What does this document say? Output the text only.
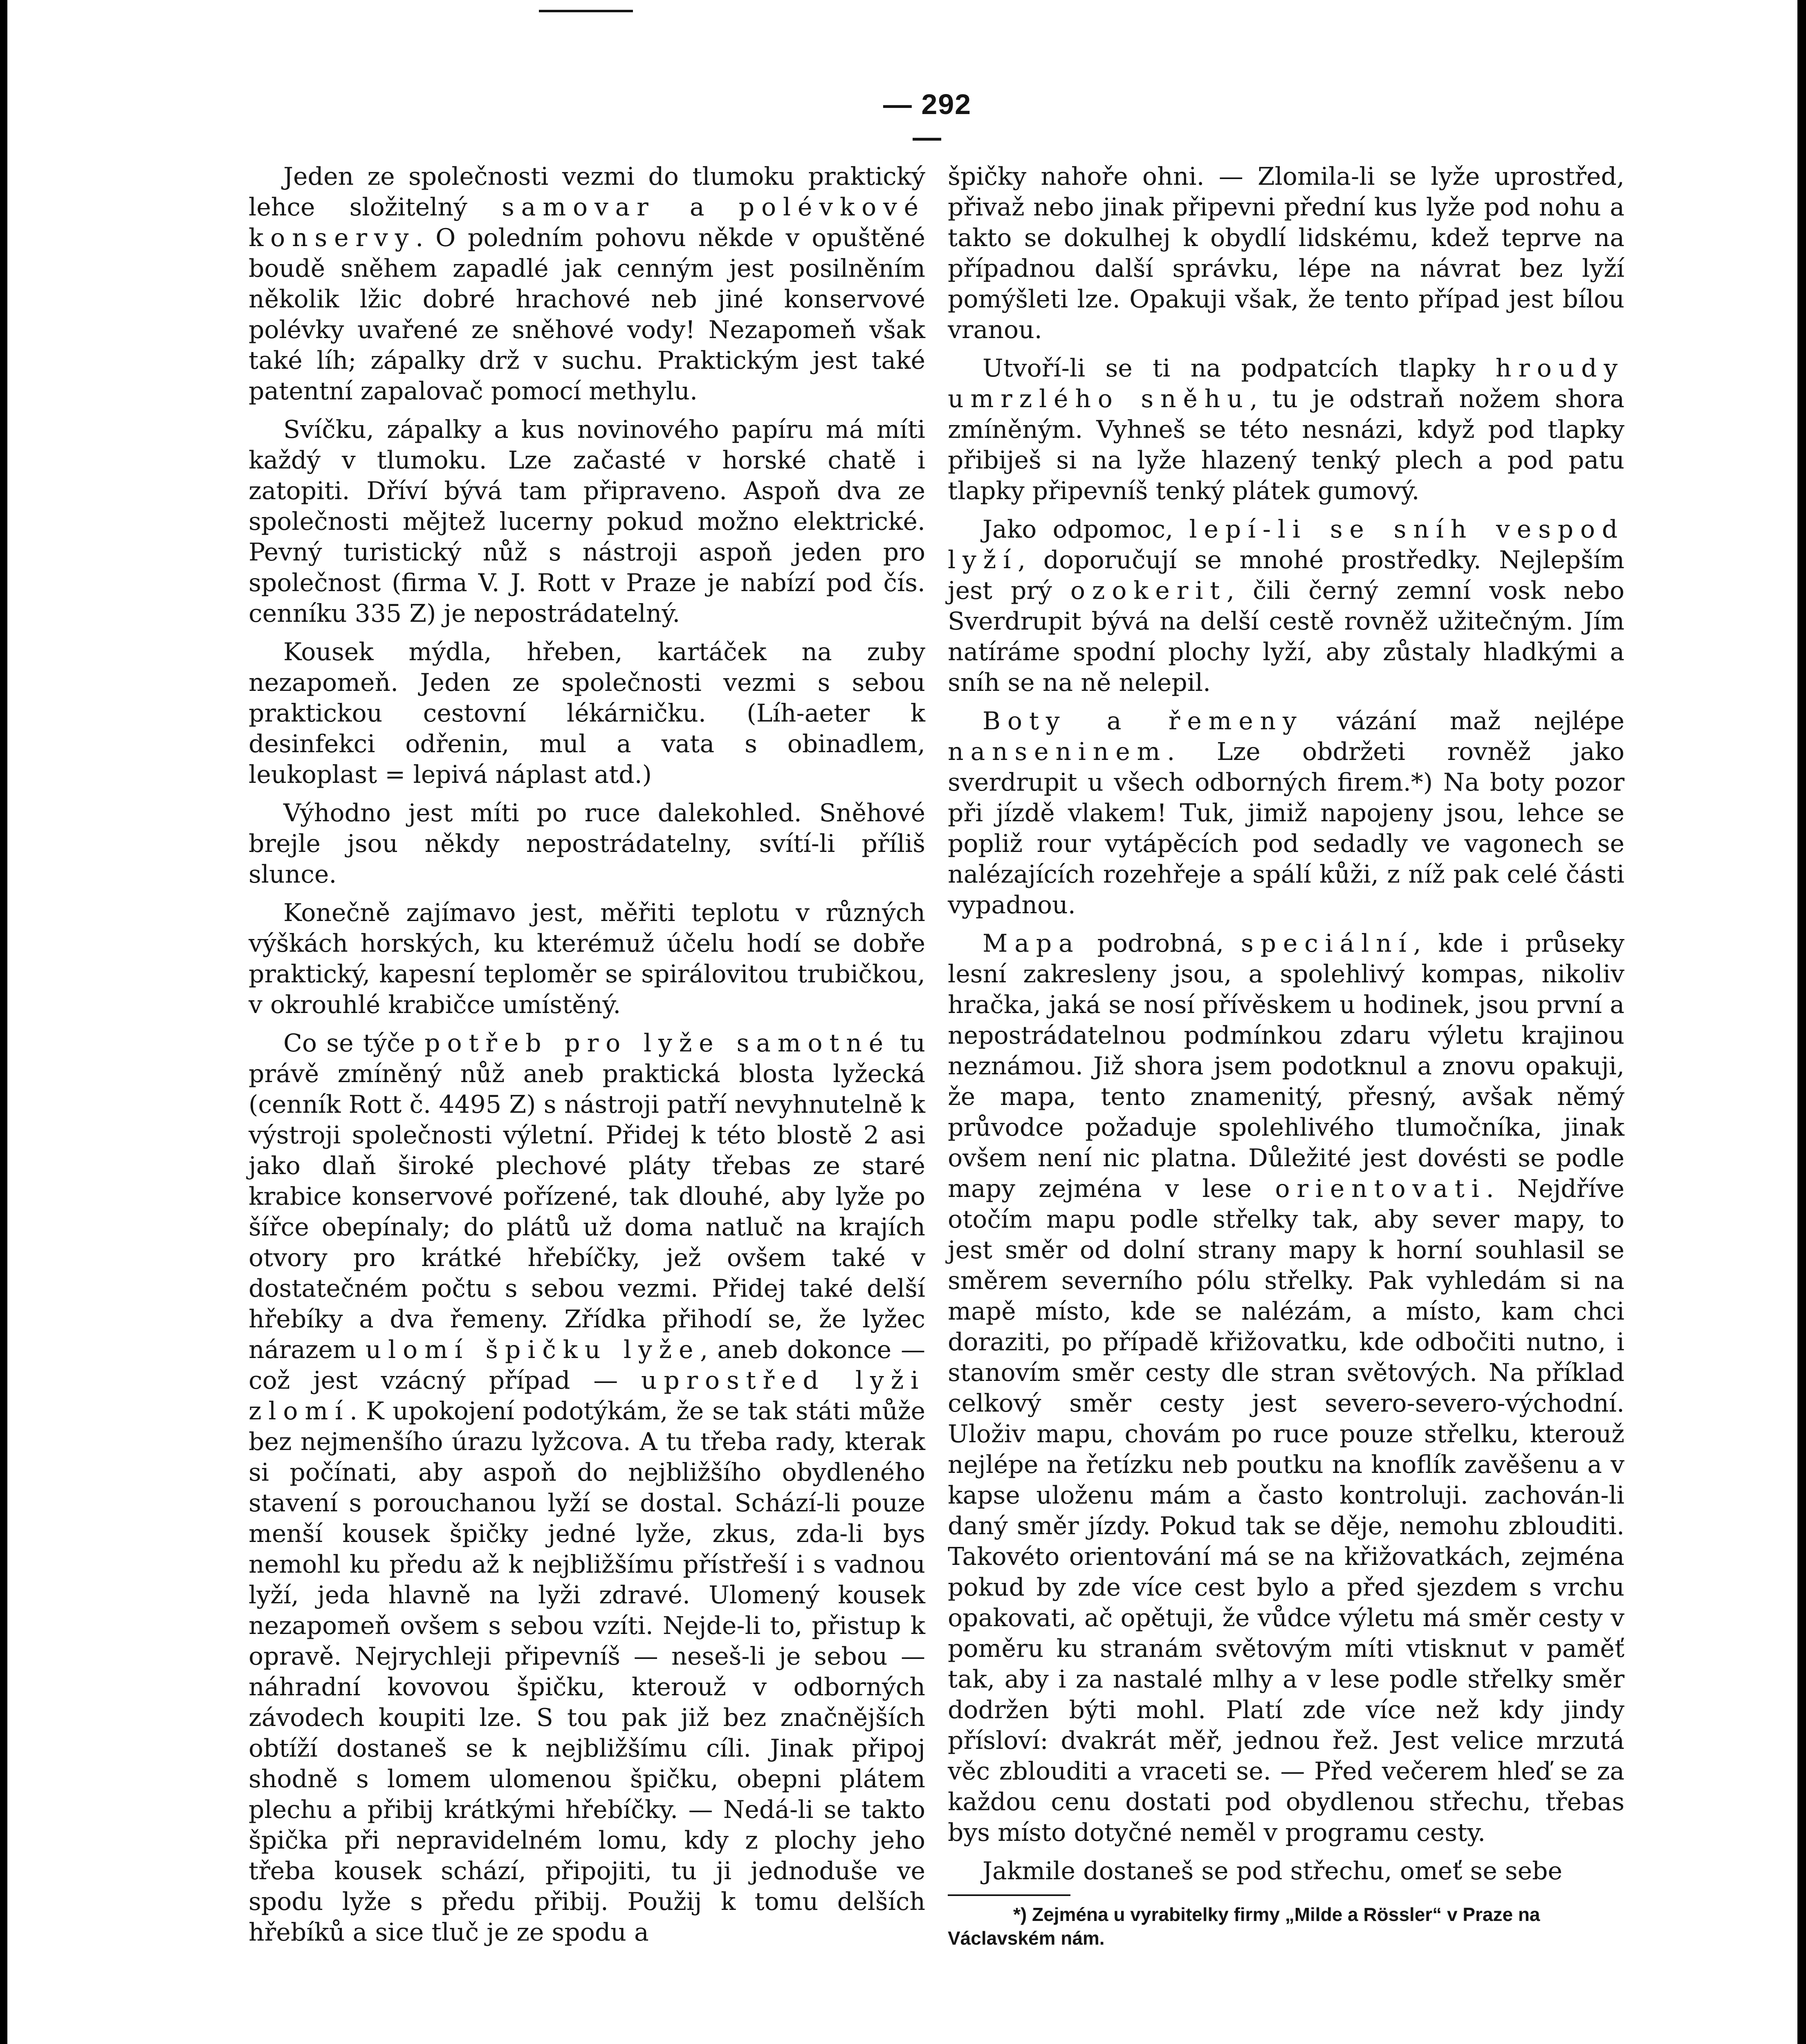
— 292 —

Jeden ze společnosti vezmi do tlumoku praktický lehce složitelný samovar a polévkové konservy. O poledním pohovu někde v opuštěné boudě sněhem zapadlé jak cenným jest posilněním několik lžic dobré hrachové neb jiné konservové polévky uvařené ze sněhové vody! Nezapomeň však také líh; zápalky drž v suchu. Praktickým jest také patentní zapalovač pomocí methylu.

Svíčku, zápalky a kus novinového papíru má míti každý v tlumoku. Lze začasté v horské chatě i zatopiti. Dříví bývá tam připraveno. Aspoň dva ze společnosti mějtež lucerny pokud možno elektrické. Pevný turistický nůž s nástroji aspoň jeden pro společnost (firma V. J. Rott v Praze je nabízí pod čís. cenníku 335 Z) je nepostrádatelný.

Kousek mýdla, hřeben, kartáček na zuby nezapomeň. Jeden ze společnosti vezmi s sebou praktickou cestovní lékárničku. (Líh-aeter k desinfekci odřenin, mul a vata s obinadlem, leukoplast = lepivá náplast atd.)

Výhodno jest míti po ruce dalekohled. Sněhové brejle jsou někdy nepostrádatelny, svítí-li příliš slunce.

Konečně zajímavo jest, měřiti teplotu v různých výškách horských, ku kterémuž účelu hodí se dobře praktický, kapesní teploměr se spirálovitou trubičkou, v okrouhlé krabičce umístěný.

Co se týče potřeb pro lyže samotné tu právě zmíněný nůž aneb praktická blosta lyžecká (cenník Rott č. 4495 Z) s nástroji patří nevyhnutelně k výstroji společnosti výletní. Přidej k této blostě 2 asi jako dlaň široké plechové pláty třebas ze staré krabice konservové pořízené, tak dlouhé, aby lyže po šířce obepínaly; do plátů už doma natluč na krajích otvory pro krátké hřebíčky, jež ovšem také v dostatečném počtu s sebou vezmi. Přidej také delší hřebíky a dva řemeny. Zřídka přihodí se, že lyžec nárazem ulomí špičku lyže, aneb dokonce — což jest vzácný případ — uprostřed lyži zlomí. K upokojení podotýkám, že se tak státi může bez nejmenšího úrazu lyžcova. A tu třeba rady, kterak si počínati, aby aspoň do nejbližšího obydleného stavení s porouchanou lyží se dostal. Schází-li pouze menší kousek špičky jedné lyže, zkus, zda-li bys nemohl ku předu až k nejbližšímu přístřeší i s vadnou lyží, jeda hlavně na lyži zdravé. Ulomený kousek nezapomeň ovšem s sebou vzíti. Nejde-li to, přistup k opravě. Nejrychleji připevníš — neseš-li je sebou — náhradní kovovou špičku, kterouž v odborných závodech koupiti lze. S tou pak již bez značnějších obtíží dostaneš se k nejbližšímu cíli. Jinak připoj shodně s lomem ulomenou špičku, obepni plátem plechu a přibij krátkými hřebíčky. — Nedá-li se takto špička při nepravidelném lomu, kdy z plochy jeho třeba kousek schází, připojiti, tu ji jednoduše ve spodu lyže s předu přibij. Použij k tomu delších hřebíků a sice tluč je ze spodu a

špičky nahoře ohni. — Zlomila-li se lyže uprostřed, přivaž nebo jinak připevni přední kus lyže pod nohu a takto se dokulhej k obydlí lidskému, kdež teprve na případnou další správku, lépe na návrat bez lyží pomýšleti lze. Opakuji však, že tento případ jest bílou vranou.

Utvoří-li se ti na podpatcích tlapky hroudy umrzlého sněhu, tu je odstraň nožem shora zmíněným. Vyhneš se této nesnázi, když pod tlapky přibiješ si na lyže hlazený tenký plech a pod patu tlapky připevníš tenký plátek gumový.

Jako odpomoc, lepí-li se sníh vespod lyží, doporučují se mnohé prostředky. Nejlepším jest prý ozokerit, čili černý zemní vosk nebo Sverdrupit bývá na delší cestě rovněž užitečným. Jím natíráme spodní plochy lyží, aby zůstaly hladkými a sníh se na ně nelepil.

Boty a řemeny vázání maž nejlépe nanseninem. Lze obdržeti rovněž jako sverdrupit u všech odborných firem.*) Na boty pozor při jízdě vlakem! Tuk, jimiž napojeny jsou, lehce se popliž rour vytápěcích pod sedadly ve vagonech se nalézajících rozehřeje a spálí kůži, z níž pak celé části vypadnou.

Mapa podrobná, speciální, kde i průseky lesní zakresleny jsou, a spolehlivý kompas, nikoliv hračka, jaká se nosí přívěskem u hodinek, jsou první a nepostrádatelnou podmínkou zdaru výletu krajinou neznámou. Již shora jsem podotknul a znovu opakuji, že mapa, tento znamenitý, přesný, avšak němý průvodce požaduje spolehlivého tlumočníka, jinak ovšem není nic platna. Důležité jest dovésti se podle mapy zejména v lese orientovati. Nejdříve otočím mapu podle střelky tak, aby sever mapy, to jest směr od dolní strany mapy k horní souhlasil se směrem severního pólu střelky. Pak vyhledám si na mapě místo, kde se nalézám, a místo, kam chci doraziti, po případě křižovatku, kde odbočiti nutno, i stanovím směr cesty dle stran světových. Na příklad celkový směr cesty jest severo-severo-východní. Uloživ mapu, chovám po ruce pouze střelku, kterouž nejlépe na řetízku neb poutku na knoflík zavěšenu a v kapse uloženu mám a často kontroluji. zachován-li daný směr jízdy. Pokud tak se děje, nemohu zblouditi. Takovéto orientování má se na křižovatkách, zejména pokud by zde více cest bylo a před sjezdem s vrchu opakovati, ač opětuji, že vůdce výletu má směr cesty v poměru ku stranám světovým míti vtisknut v paměť tak, aby i za nastalé mlhy a v lese podle střelky směr dodržen býti mohl. Platí zde více než kdy jindy přísloví: dvakrát měř, jednou řež. Jest velice mrzutá věc zblouditi a vraceti se. — Před večerem hleď se za každou cenu dostati pod obydlenou střechu, třebas bys místo dotyčné neměl v programu cesty.

Jakmile dostaneš se pod střechu, omeť se sebe

*) Zejména u vyrabitelky firmy „Milde a Rössler“ v Praze na Václavském nám.
